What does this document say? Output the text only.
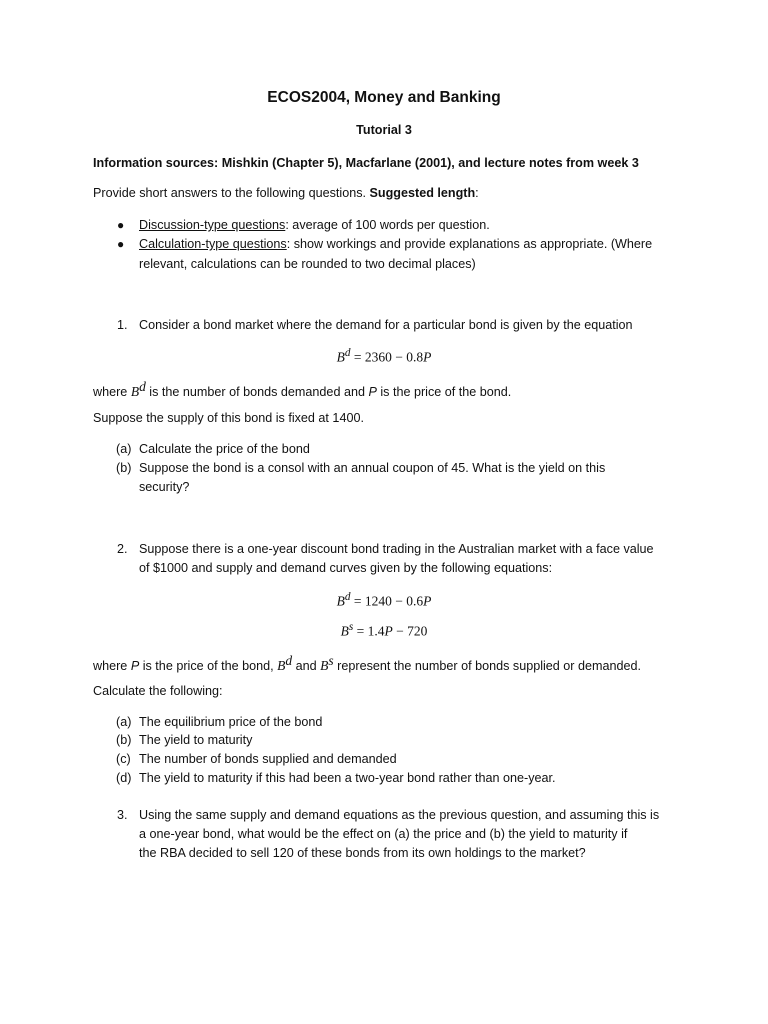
ECOS2004, Money and Banking
Tutorial 3
Information sources: Mishkin (Chapter 5), Macfarlane (2001), and lecture notes from week 3
Provide short answers to the following questions. Suggested length:
● Discussion-type questions: average of 100 words per question.
● Calculation-type questions: show workings and provide explanations as appropriate. (Where
relevant, calculations can be rounded to two decimal places)
1. Consider a bond market where the demand for a particular bond is given by the equation
$B^d = 2360 - 0.8P$
where $B^d$ is the number of bonds demanded and P is the price of the bond.
Suppose the supply of this bond is fixed at 1400.
(a) Calculate the price of the bond
(b) Suppose the bond is a consol with an annual coupon of 45. What is the yield on this
security?
2. Suppose there is a one-year discount bond trading in the Australian market with a face value
of $1000 and supply and demand curves given by the following equations:
$B^d = 1240 - 0.6P$
$B^s = 1.4P - 720$
where P is the price of the bond, $B^d$ and $B^s$ represent the number of bonds supplied or demanded.
Calculate the following:
(a) The equilibrium price of the bond
(b) The yield to maturity
(c) The number of bonds supplied and demanded
(d) The yield to maturity if this had been a two-year bond rather than one-year.
3. Using the same supply and demand equations as the previous question, and assuming this is
a one-year bond, what would be the effect on (a) the price and (b) the yield to maturity if
the RBA decided to sell 120 of these bonds from its own holdings to the market?
